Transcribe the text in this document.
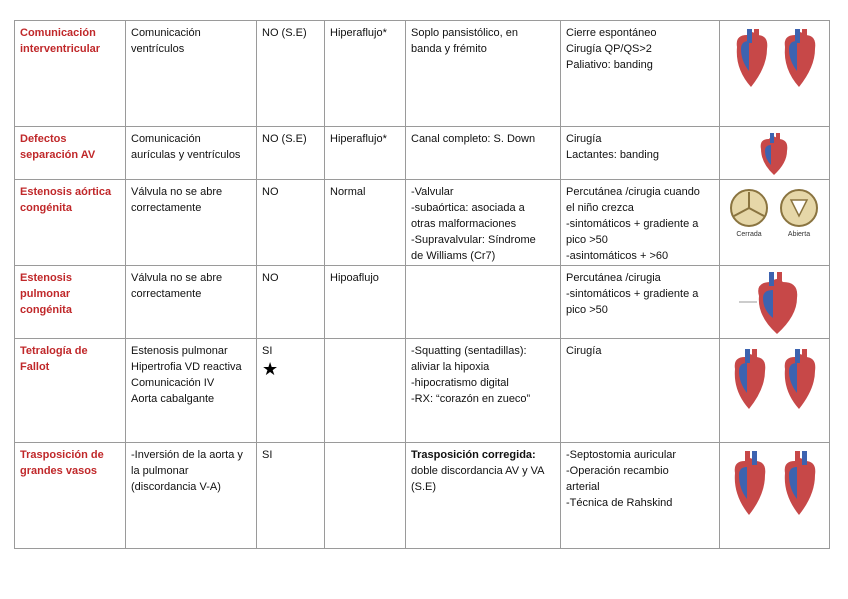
Comunicación
interventricular	Comunicación
ventrículos	NO (S.E)	Hiperaflujo*	Soplo pansistólico, en
banda y frémito	Cierre espontáneo
Cirugía QP/QS>2
Paliativo: banding

Defectos
separación AV	Comunicación
aurículas y ventrículos	NO (S.E)	Hiperaflujo*	Canal completo: S. Down	Cirugía
Lactantes: banding

Estenosis aórtica
congénita	Válvula no se abre
correctamente	NO	Normal	-Valvular
-subaórtica: asociada a
otras malformaciones
-Supravalvular: Síndrome
de Williams (Cr7)	Percutánea /cirugia cuando
el niño crezca
-sintomáticos + gradiente a
pico >50
-asintomáticos + >60	Cerrada Abierta

Estenosis
pulmonar
congénita	Válvula no se abre
correctamente	NO	Hipoaflujo		Percutánea /cirugia
-sintomáticos + gradiente a
pico >50

Tetralogía de
Fallot	Estenosis pulmonar
Hipertrofia VD reactiva
Comunicación IV
Aorta cabalgante	SI
★		-Squatting (sentadillas):
aliviar la hipoxia
-hipocratismo digital
-RX: “corazón en zueco”	Cirugía

Trasposición de
grandes vasos	-Inversión de la aorta y
la pulmonar
(discordancia V-A)	SI		Trasposición corregida:
doble discordancia AV y VA
(S.E)	-Septostomia auricular
-Operación recambio
arterial
-Técnica de Rahskind
